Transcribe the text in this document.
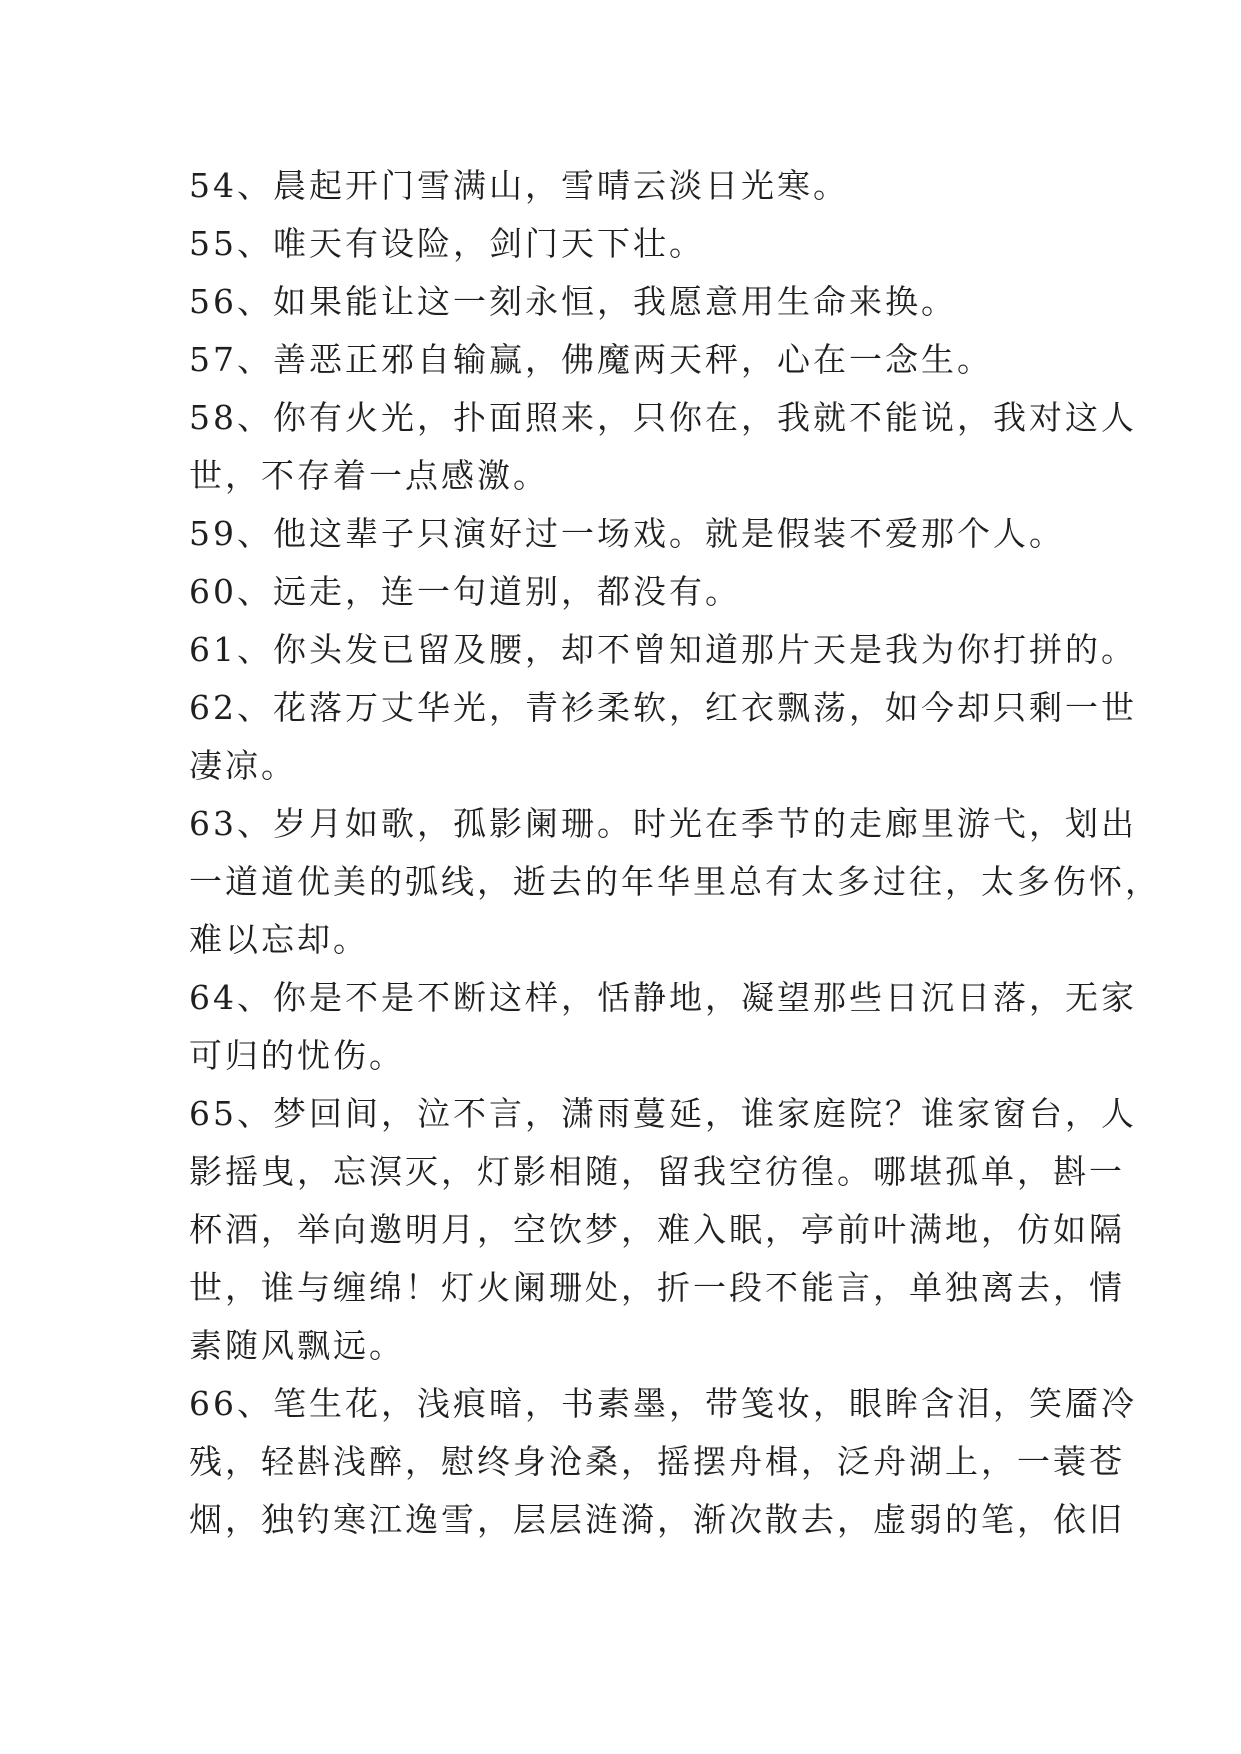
54、晨起开门雪满山，雪晴云淡日光寒。
55、唯天有设险，剑门天下壮。
56、如果能让这一刻永恒，我愿意用生命来换。
57、善恶正邪自输赢，佛魔两天秤，心在一念生。
58、你有火光，扑面照来，只你在，我就不能说，我对这人
世，不存着一点感激。
59、他这辈子只演好过一场戏。就是假装不爱那个人。
60、远走，连一句道别，都没有。
61、你头发已留及腰，却不曾知道那片天是我为你打拼的。
62、花落万丈华光，青衫柔软，红衣飘荡，如今却只剩一世
凄凉。
63、岁月如歌，孤影阑珊。时光在季节的走廊里游弋，划出
一道道优美的弧线，逝去的年华里总有太多过往，太多伤怀，
难以忘却。
64、你是不是不断这样，恬静地，凝望那些日沉日落，无家
可归的忧伤。
65、梦回间，泣不言，潇雨蔓延，谁家庭院？谁家窗台，人
影摇曳，忘溟灭，灯影相随，留我空彷徨。哪堪孤单，斟一
杯酒，举向邀明月，空饮梦，难入眠，亭前叶满地，仿如隔
世，谁与缠绵！灯火阑珊处，折一段不能言，单独离去，情
素随风飘远。
66、笔生花，浅痕暗，书素墨，带笺妆，眼眸含泪，笑靥冷
残，轻斟浅醉，慰终身沧桑，摇摆舟楫，泛舟湖上，一蓑苍
烟，独钓寒江逸雪，层层涟漪，渐次散去，虚弱的笔，依旧
